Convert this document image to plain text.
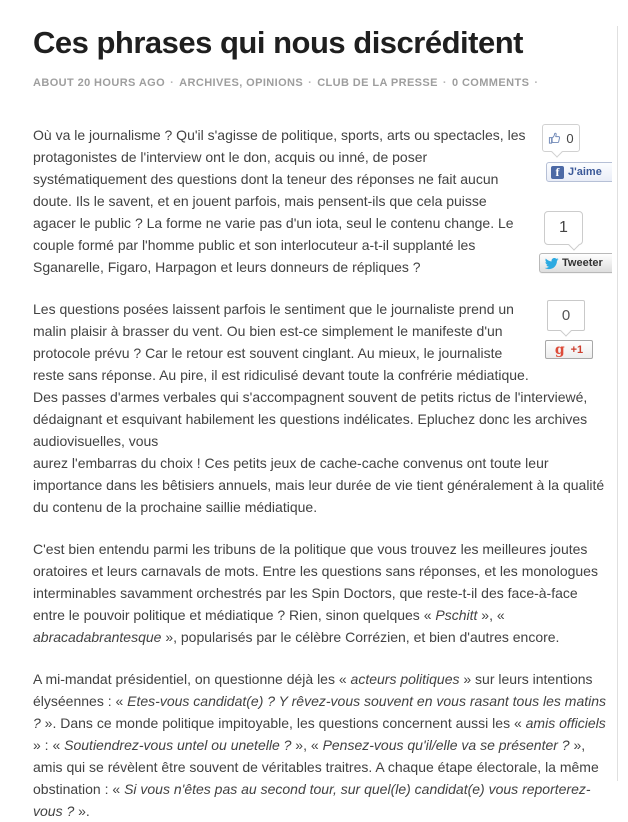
Ces phrases qui nous discréditent
ABOUT 20 HOURS AGO · ARCHIVES, OPINIONS · CLUB DE LA PRESSE · 0 COMMENTS ·
0
f J'aime
1
Tweeter
0
g +1

Où va le journalisme ? Qu'il s'agisse de politique, sports, arts ou spectacles, les protagonistes de l'interview ont le don, acquis ou inné, de poser systématiquement des questions dont la teneur des réponses ne fait aucun doute. Ils le savent, et en jouent parfois, mais pensent-ils que cela puisse agacer le public ? La forme ne varie pas d'un iota, seul le contenu change. Le couple formé par l'homme public et son interlocuteur a-t-il supplanté les Sganarelle, Figaro, Harpagon et leurs donneurs de répliques ?

Les questions posées laissent parfois le sentiment que le journaliste prend un malin plaisir à brasser du vent. Ou bien est-ce simplement le manifeste d'un protocole prévu ? Car le retour est souvent cinglant. Au mieux, le journaliste reste sans réponse. Au pire, il est ridiculisé devant toute la confrérie médiatique. Des passes d'armes verbales qui s'accompagnent souvent de petits rictus de l'interviewé, dédaignant et esquivant habilement les questions indélicates. Epluchez donc les archives audiovisuelles, vous
aurez l'embarras du choix ! Ces petits jeux de cache-cache convenus ont toute leur importance dans les bêtisiers annuels, mais leur durée de vie tient généralement à la qualité du contenu de la prochaine saillie médiatique.

C'est bien entendu parmi les tribuns de la politique que vous trouvez les meilleures joutes oratoires et leurs carnavals de mots. Entre les questions sans réponses, et les monologues interminables savamment orchestrés par les Spin Doctors, que reste-t-il des face-à-face entre le pouvoir politique et médiatique ? Rien, sinon quelques « Pschitt », « abracadabrantesque », popularisés par le célèbre Corrézien, et bien d'autres encore.

A mi-mandat présidentiel, on questionne déjà les « acteurs politiques » sur leurs intentions élyséennes : « Etes-vous candidat(e) ? Y rêvez-vous souvent en vous rasant tous les matins ? ». Dans ce monde politique impitoyable, les questions concernent aussi les « amis officiels » : « Soutiendrez-vous untel ou unetelle ? », « Pensez-vous qu'il/elle va se présenter ? », amis qui se révèlent être souvent de véritables traitres. A chaque étape électorale, la même obstination : « Si vous n'êtes pas au second tour, sur quel(le) candidat(e) vous reporterez-vous ? ».
